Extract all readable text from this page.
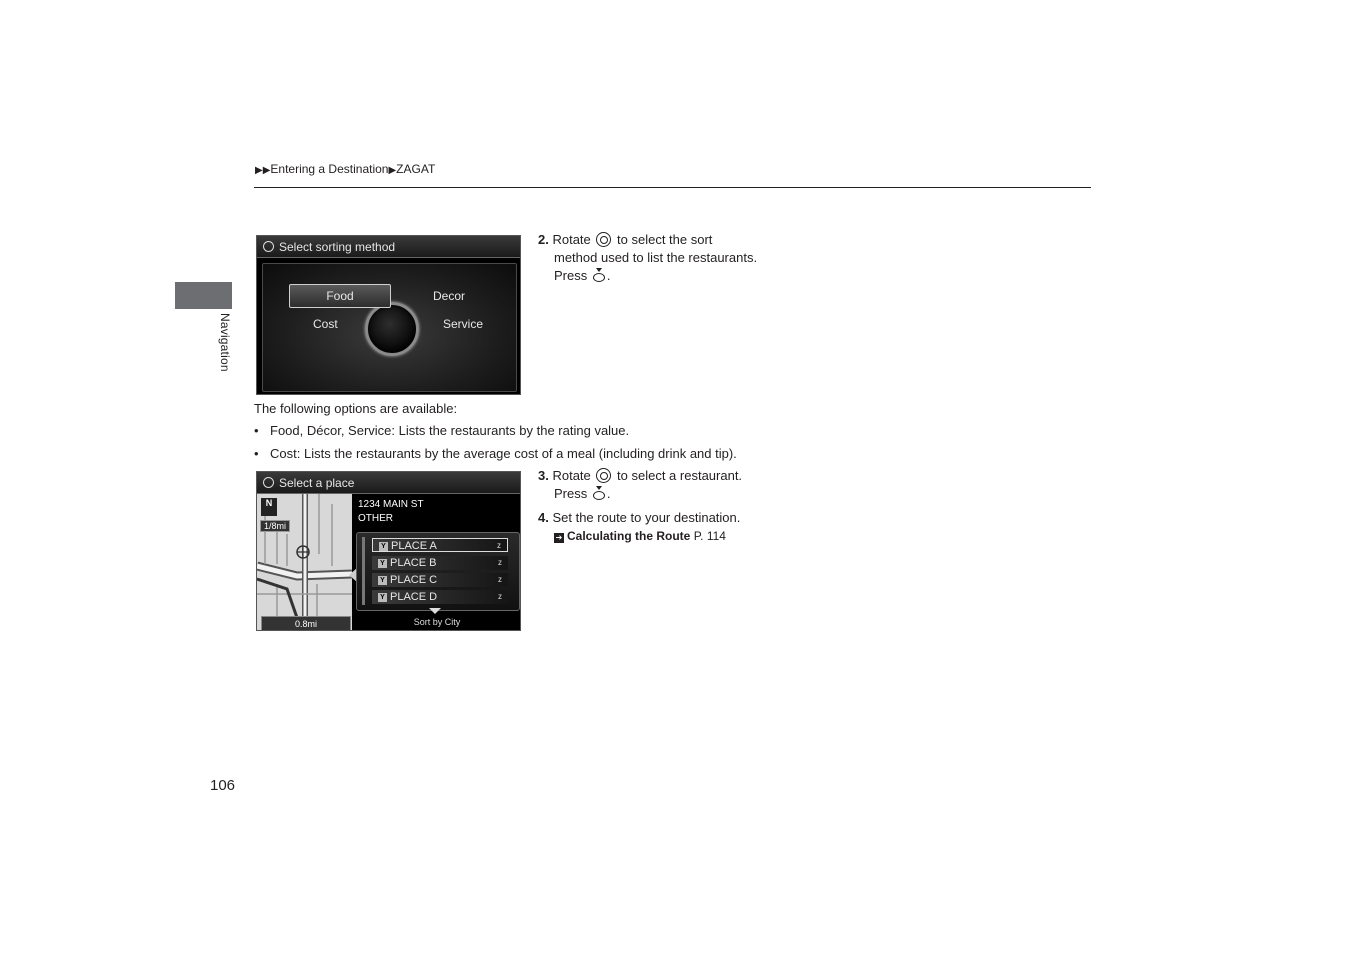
▶▶Entering a Destination▶ZAGAT
Navigation
Select sorting method
Food	Decor
Cost	Service
2. Rotate to select the sort
method used to list the restaurants.
Press .
The following options are available:
• Food, Décor, Service: Lists the restaurants by the rating value.
• Cost: Lists the restaurants by the average cost of a meal (including drink and tip).
Select a place
N
1/8mi
0.8mi
1234 MAIN ST
OTHER
Y PLACE A	z
Y PLACE B	z
Y PLACE C	z
Y PLACE D	z
Sort by City
3. Rotate to select a restaurant.
Press .
4. Set the route to your destination.
➔ Calculating the Route P. 114
106
